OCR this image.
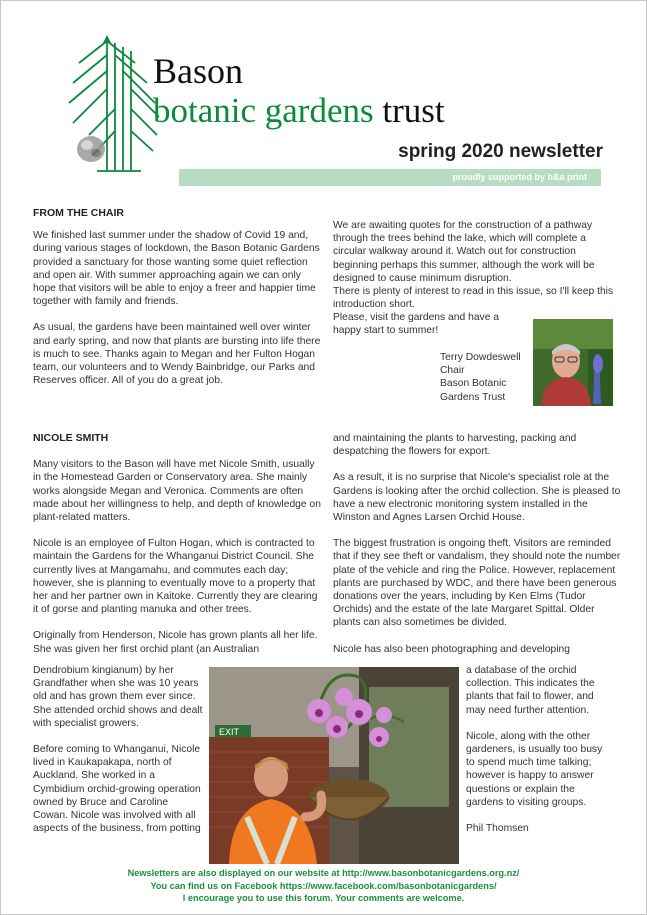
Bason
botanic gardens trust
spring 2020 newsletter
proudly supported by h&a print

FROM THE CHAIR

We finished last summer under the shadow of Covid 19 and, during various stages of lockdown, the Bason Botanic Gardens provided a sanctuary for those wanting some quiet reflection and open air. With summer approaching again we can only hope that visitors will be able to enjoy a freer and happier time together with family and friends.

As usual, the gardens have been maintained well over winter and early spring, and now that plants are bursting into life there is much to see. Thanks again to Megan and her Fulton Hogan team, our volunteers and to Wendy Bainbridge, our Parks and Reserves officer. All of you do a great job.

We are awaiting quotes for the construction of a pathway through the trees behind the lake, which will complete a circular walkway around it. Watch out for construction beginning perhaps this summer, although the work will be designed to cause minimum disruption.
There is plenty of interest to read in this issue, so I'll keep this introduction short.
Please, visit the gardens and have a happy start to summer!
Terry Dowdeswell
Chair
Bason Botanic
Gardens Trust

NICOLE SMITH

Many visitors to the Bason will have met Nicole Smith, usually in the Homestead Garden or Conservatory area. She mainly works alongside Megan and Veronica. Comments are often made about her willingness to help, and depth of knowledge on plant-related matters.

Nicole is an employee of Fulton Hogan, which is contracted to maintain the Gardens for the Whanganui District Council. She currently lives at Mangamahu, and commutes each day; however, she is planning to eventually move to a property that her and her partner own in Kaitoke. Currently they are clearing it of gorse and planting manuka and other trees.

Originally from Henderson, Nicole has grown plants all her life. She was given her first orchid plant (an Australian

Dendrobium kingianum) by her Grandfather when she was 10 years old and has grown them ever since. She attended orchid shows and dealt with specialist growers.

Before coming to Whanganui, Nicole lived in Kaukapakapa, north of Auckland. She worked in a Cymbidium orchid-growing operation owned by Bruce and Caroline Cowan. Nicole was involved with all aspects of the business, from potting

and maintaining the plants to harvesting, packing and despatching the flowers for export.

As a result, it is no surprise that Nicole's specialist role at the Gardens is looking after the orchid collection. She is pleased to have a new electronic monitoring system installed in the Winston and Agnes Larsen Orchid House.

The biggest frustration is ongoing theft. Visitors are reminded that if they see theft or vandalism, they should note the number plate of the vehicle and ring the Police. However, replacement plants are purchased by WDC, and there have been generous donations over the years, including by Ken Elms (Tudor Orchids) and the estate of the late Margaret Spittal. Older plants can also sometimes be divided.

Nicole has also been photographing and developing

a database of the orchid collection. This indicates the plants that fail to flower, and may need further attention.

Nicole, along with the other gardeners, is usually too busy to spend much time talking; however is happy to answer questions or explain the gardens to visiting groups.

Phil Thomsen

EXIT
Newsletters are also displayed on our website at http://www.basonbotanicgardens.org.nz/
You can find us on Facebook https://www.facebook.com/basonbotanicgardens/
I encourage you to use this forum. Your comments are welcome.
